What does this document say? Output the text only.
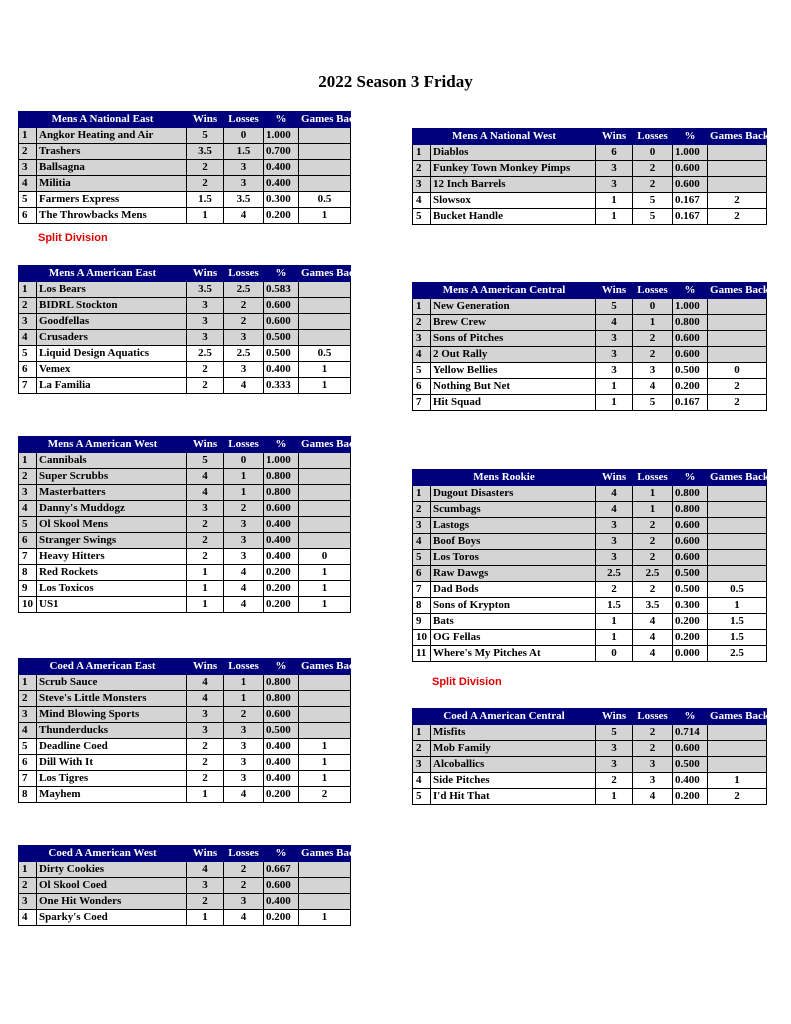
2022 Season 3 Friday
Mens A National East		Wins	Losses	%	Games Back
1	Angkor Heating and Air	5	0	1.000	
2	Trashers	3.5	1.5	0.700	
3	Ballsagna	2	3	0.400	
4	Militia	2	3	0.400	
5	Farmers Express	1.5	3.5	0.300	0.5
6	The Throwbacks Mens	1	4	0.200	1
Split Division
Mens A American East		Wins	Losses	%	Games Back
1	Los Bears	3.5	2.5	0.583	
2	BIDRL Stockton	3	2	0.600	
3	Goodfellas	3	2	0.600	
4	Crusaders	3	3	0.500	
5	Liquid Design Aquatics	2.5	2.5	0.500	0.5
6	Vemex	2	3	0.400	1
7	La Familia	2	4	0.333	1
Mens A American West		Wins	Losses	%	Games Back
1	Cannibals	5	0	1.000	
2	Super Scrubbs	4	1	0.800	
3	Masterbatters	4	1	0.800	
4	Danny's Muddogz	3	2	0.600	
5	Ol Skool Mens	2	3	0.400	
6	Stranger Swings	2	3	0.400	
7	Heavy Hitters	2	3	0.400	0
8	Red Rockets	1	4	0.200	1
9	Los Toxicos	1	4	0.200	1
10	US1	1	4	0.200	1
Coed A American East		Wins	Losses	%	Games Back
1	Scrub Sauce	4	1	0.800	
2	Steve's Little Monsters	4	1	0.800	
3	Mind Blowing Sports	3	2	0.600	
4	Thunderducks	3	3	0.500	
5	Deadline Coed	2	3	0.400	1
6	Dill With It	2	3	0.400	1
7	Los Tigres	2	3	0.400	1
8	Mayhem	1	4	0.200	2
Coed A American West		Wins	Losses	%	Games Back
1	Dirty Cookies	4	2	0.667	
2	Ol Skool Coed	3	2	0.600	
3	One Hit Wonders	2	3	0.400	
4	Sparky's Coed	1	4	0.200	1
Mens A National West		Wins	Losses	%	Games Back
1	Diablos	6	0	1.000	
2	Funkey Town Monkey Pimps	3	2	0.600	
3	12 Inch Barrels	3	2	0.600	
4	Slowsox	1	5	0.167	2
5	Bucket Handle	1	5	0.167	2
Mens A American Central		Wins	Losses	%	Games Back
1	New Generation	5	0	1.000	
2	Brew Crew	4	1	0.800	
3	Sons of Pitches	3	2	0.600	
4	2 Out Rally	3	2	0.600	
5	Yellow Bellies	3	3	0.500	0
6	Nothing But Net	1	4	0.200	2
7	Hit Squad	1	5	0.167	2
Mens Rookie		Wins	Losses	%	Games Back
1	Dugout Disasters	4	1	0.800	
2	Scumbags	4	1	0.800	
3	Lastogs	3	2	0.600	
4	Boof Boys	3	2	0.600	
5	Los Toros	3	2	0.600	
6	Raw Dawgs	2.5	2.5	0.500	
7	Dad Bods	2	2	0.500	0.5
8	Sons of Krypton	1.5	3.5	0.300	1
9	Bats	1	4	0.200	1.5
10	OG Fellas	1	4	0.200	1.5
11	Where's My Pitches At	0	4	0.000	2.5
Split Division
Coed A American Central		Wins	Losses	%	Games Back
1	Misfits	5	2	0.714	
2	Mob Family	3	2	0.600	
3	Alcoballics	3	3	0.500	
4	Side Pitches	2	3	0.400	1
5	I'd Hit That	1	4	0.200	2
